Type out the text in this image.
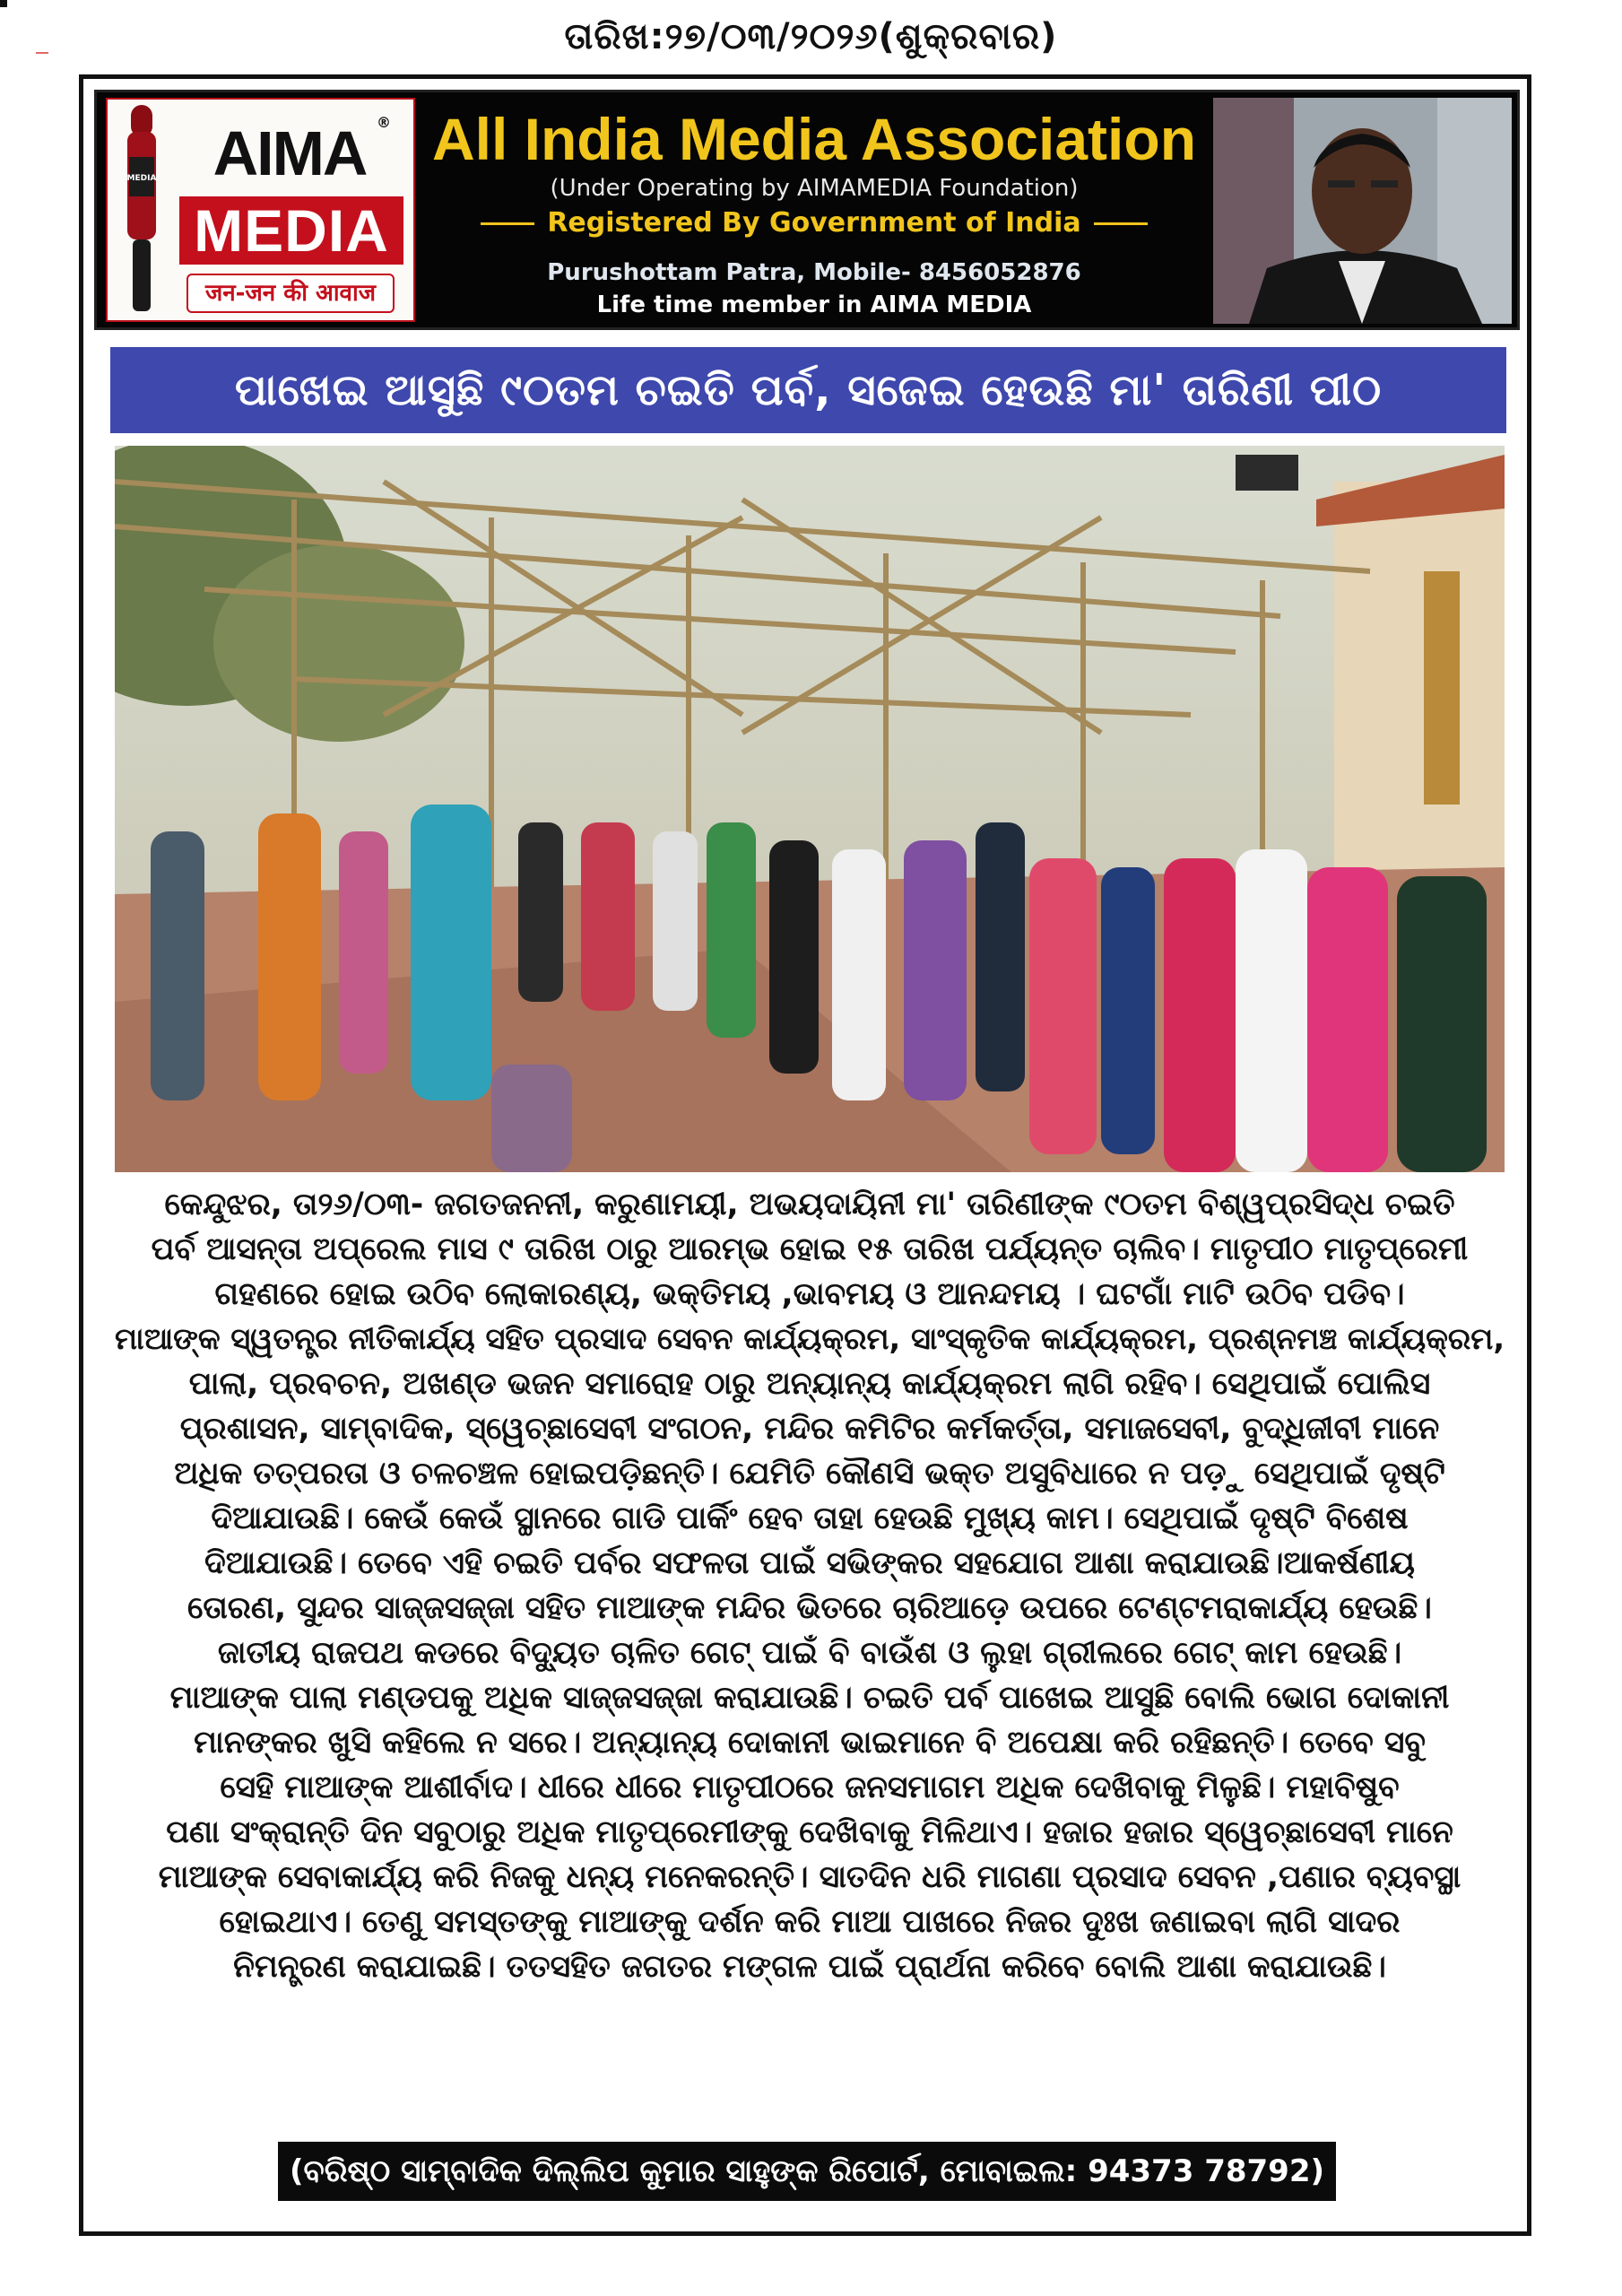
ତାରିଖ:୨୭/୦୩/୨୦୨୬(ଶୁକ୍ରବାର)
MEDIA AIMA ®
MEDIA
जन-जन की आवाज
All India Media Association
(Under Operating by AIMAMEDIA Foundation)
Registered By Government of India
Purushottam Patra, Mobile- 8456052876
Life time member in AIMA MEDIA
ପାଖେଇ ଆସୁଛି ୯୦ତମ ଚଇତି ପର୍ବ, ସଜେଇ ହେଉଛି ମା' ତାରିଣୀ ପୀଠ

କେନ୍ଦୁଝର, ତା୨୬/୦୩- ଜଗତଜନନୀ, କରୁଣାମୟୀ, ଅଭୟଦାୟିନୀ ମା' ତାରିଣୀଙ୍କ ୯୦ତମ ବିଶ୍ୱପ୍ରସିଦ୍ଧ ଚଇତି

ପର୍ବ ଆସନ୍ତା ଅପ୍ରେଲ ମାସ ୯ ତାରିଖ ଠାରୁ ଆରମ୍ଭ ହୋଇ ୧୫ ତାରିଖ ପର୍ଯ୍ୟନ୍ତ ଚାଲିବ। ମାତୃପୀଠ ମାତୃପ୍ରେମୀ

ଗହଣରେ ହୋଇ ଉଠିବ ଲୋକାରଣ୍ୟ, ଭକ୍ତିମୟ ,ଭାବମୟ ଓ ଆନନ୍ଦମୟ । ଘଟଗାଁ ମାଟି ଉଠିବ ପଡିବ।

ମାଆଙ୍କ ସ୍ୱତନ୍ତ୍ର ନୀତିକାର୍ଯ୍ୟ ସହିତ ପ୍ରସାଦ ସେବନ କାର୍ଯ୍ୟକ୍ରମ, ସାଂସ୍କୃତିକ କାର୍ଯ୍ୟକ୍ରମ, ପ୍ରଶ୍ନମଞ୍ଚ କାର୍ଯ୍ୟକ୍ରମ,

ପାଲା, ପ୍ରବଚନ, ଅଖଣ୍ଡ ଭଜନ ସମାରୋହ ଠାରୁ ଅନ୍ୟାନ୍ୟ କାର୍ଯ୍ୟକ୍ରମ ଲାଗି ରହିବ। ସେଥିପାଇଁ ପୋଲିସ

ପ୍ରଶାସନ, ସାମ୍ବାଦିକ, ସ୍ୱେଚ୍ଛାସେବୀ ସଂଗଠନ, ମନ୍ଦିର କମିଟିର କର୍ମକର୍ତ୍ତା, ସମାଜସେବୀ, ବୁଦ୍ଧିଜୀବୀ ମାନେ

ଅଧିକ ତତ୍ପରତା ଓ ଚଳଚଞ୍ଚଳ ହୋଇପଡ଼ିଛନ୍ତି। ଯେମିତି କୌଣସି ଭକ୍ତ ଅସୁବିଧାରେ ନ ପଡ଼ୁ ସେଥିପାଇଁ ଦୃଷ୍ଟି

ଦିଆଯାଉଛି। କେଉଁ କେଉଁ ସ୍ଥାନରେ ଗାଡି ପାର୍କିଂ ହେବ ତାହା ହେଉଛି ମୁଖ୍ୟ କାମ। ସେଥିପାଇଁ ଦୃଷ୍ଟି ବିଶେଷ

ଦିଆଯାଉଛି। ତେବେ ଏହି ଚଇତି ପର୍ବର ସଫଳତା ପାଇଁ ସଭିଙ୍କର ସହଯୋଗ ଆଶା କରାଯାଉଛି।ଆକର୍ଷଣୀୟ

ତୋରଣ, ସୁନ୍ଦର ସାଜ୍ଜସଜ୍ଜା ସହିତ ମାଆଙ୍କ ମନ୍ଦିର ଭିତରେ ଚାରିଆଡ଼େ ଉପରେ ଟେଣ୍ଟମରାକାର୍ଯ୍ୟ ହେଉଛି।

ଜାତୀୟ ରାଜପଥ କଡରେ ବିଦ୍ୟୁତ ଚାଳିତ ଗେଟ୍ ପାଇଁ ବି ବାଉଁଶ ଓ ଲୁହା ଗ୍ରୀଲରେ ଗେଟ୍ କାମ ହେଉଛି।

ମାଆଙ୍କ ପାଲା ମଣ୍ଡପକୁ ଅଧିକ ସାଜ୍ଜସଜ୍ଜା କରାଯାଉଛି। ଚଇତି ପର୍ବ ପାଖେଇ ଆସୁଛି ବୋଲି ଭୋଗ ଦୋକାନୀ

ମାନଙ୍କର ଖୁସି କହିଲେ ନ ସରେ। ଅନ୍ୟାନ୍ୟ ଦୋକାନୀ ଭାଇମାନେ ବି ଅପେକ୍ଷା କରି ରହିଛନ୍ତି। ତେବେ ସବୁ

ସେହି ମାଆଙ୍କ ଆଶୀର୍ବାଦ। ଧୀରେ ଧୀରେ ମାତୃପୀଠରେ ଜନସମାଗମ ଅଧିକ ଦେଖିବାକୁ ମିଳୁଛି। ମହାବିଷୁବ

ପଣା ସଂକ୍ରାନ୍ତି ଦିନ ସବୁଠାରୁ ଅଧିକ ମାତୃପ୍ରେମୀଙ୍କୁ ଦେଖିବାକୁ ମିଳିଥାଏ। ହଜାର ହଜାର ସ୍ୱେଚ୍ଛାସେବୀ ମାନେ

ମାଆଙ୍କ ସେବାକାର୍ଯ୍ୟ କରି ନିଜକୁ ଧନ୍ୟ ମନେକରନ୍ତି। ସାତଦିନ ଧରି ମାଗଣା ପ୍ରସାଦ ସେବନ ,ପଣାର ବ୍ୟବସ୍ଥା

ହୋଇଥାଏ। ତେଣୁ ସମସ୍ତଙ୍କୁ ମାଆଙ୍କୁ ଦର୍ଶନ କରି ମାଆ ପାଖରେ ନିଜର ଦୁଃଖ ଜଣାଇବା ଲାଗି ସାଦର

ନିମନ୍ତ୍ରଣ କରାଯାଇଛି। ତତସହିତ ଜଗତର ମଙ୍ଗଳ ପାଇଁ ପ୍ରାର୍ଥନା କରିବେ ବୋଲି ଆଶା କରାଯାଉଛି।

(ବରିଷ୍ଠ ସାମ୍ବାଦିକ ଦିଲ୍ଲିପ କୁମାର ସାହୁଙ୍କ ରିପୋର୍ଟ, ମୋବାଇଲ: 94373 78792)
